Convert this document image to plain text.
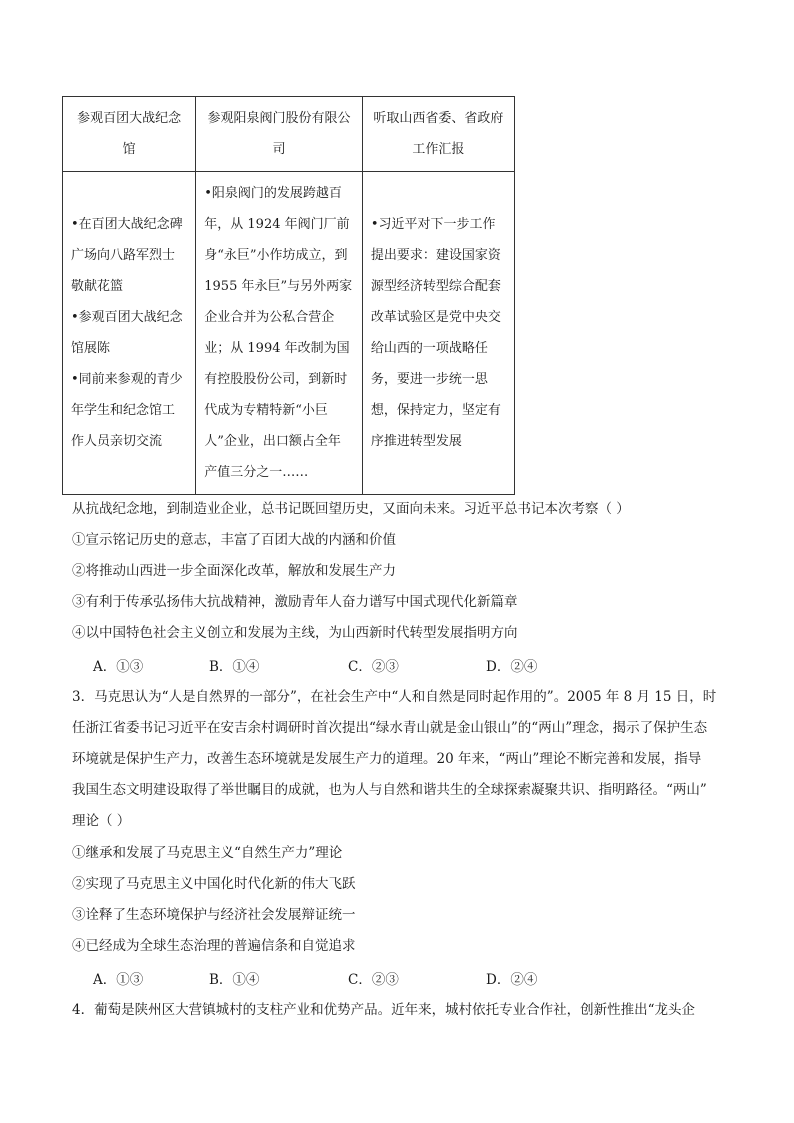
参观百团大战纪念馆	参观阳泉阀门股份有限公司	听取山西省委、省政府工作汇报

•在百团大战纪念碑广场向八路军烈士敬献花篮

•参观百团大战纪念馆展陈

•同前来参观的青少年学生和纪念馆工作人员亲切交流	•阳泉阀门的发展跨越百年，从 1924 年阀门厂前身“永巨”小作坊成立，到 1955 年永巨”与另外两家企业合并为公私合营企业；从 1994 年改制为国有控股股份公司，到新时代成为专精特新“小巨人”企业，出口额占全年产值三分之一……	•习近平对下一步工作提出要求：建设国家资源型经济转型综合配套改革试验区是党中央交给山西的一项战略任务，要进一步统一思想，保持定力，坚定有序推进转型发展

从抗战纪念地，到制造业企业，总书记既回望历史，又面向未来。习近平总书记本次考察（ ）

①宣示铭记历史的意志，丰富了百团大战的内涵和价值

②将推动山西进一步全面深化改革，解放和发展生产力

③有利于传承弘扬伟大抗战精神，激励青年人奋力谱写中国式现代化新篇章

④以中国特色社会主义创立和发展为主线，为山西新时代转型发展指明方向

A．①③	B．①④	C．②③	D．②④

3．马克思认为“人是自然界的一部分”，在社会生产中“人和自然是同时起作用的”。2005 年 8 月 15 日，时

任浙江省委书记习近平在安吉余村调研时首次提出“绿水青山就是金山银山”的“两山”理念，揭示了保护生态

环境就是保护生产力，改善生态环境就是发展生产力的道理。20 年来，“两山”理论不断完善和发展，指导

我国生态文明建设取得了举世瞩目的成就，也为人与自然和谐共生的全球探索凝聚共识、指明路径。“两山”

理论（ ）

①继承和发展了马克思主义“自然生产力”理论

②实现了马克思主义中国化时代化新的伟大飞跃

③诠释了生态环境保护与经济社会发展辩证统一

④已经成为全球生态治理的普遍信条和自觉追求

A．①③	B．①④	C．②③	D．②④

4．葡萄是陕州区大营镇城村的支柱产业和优势产品。近年来，城村依托专业合作社，创新性推出“龙头企
